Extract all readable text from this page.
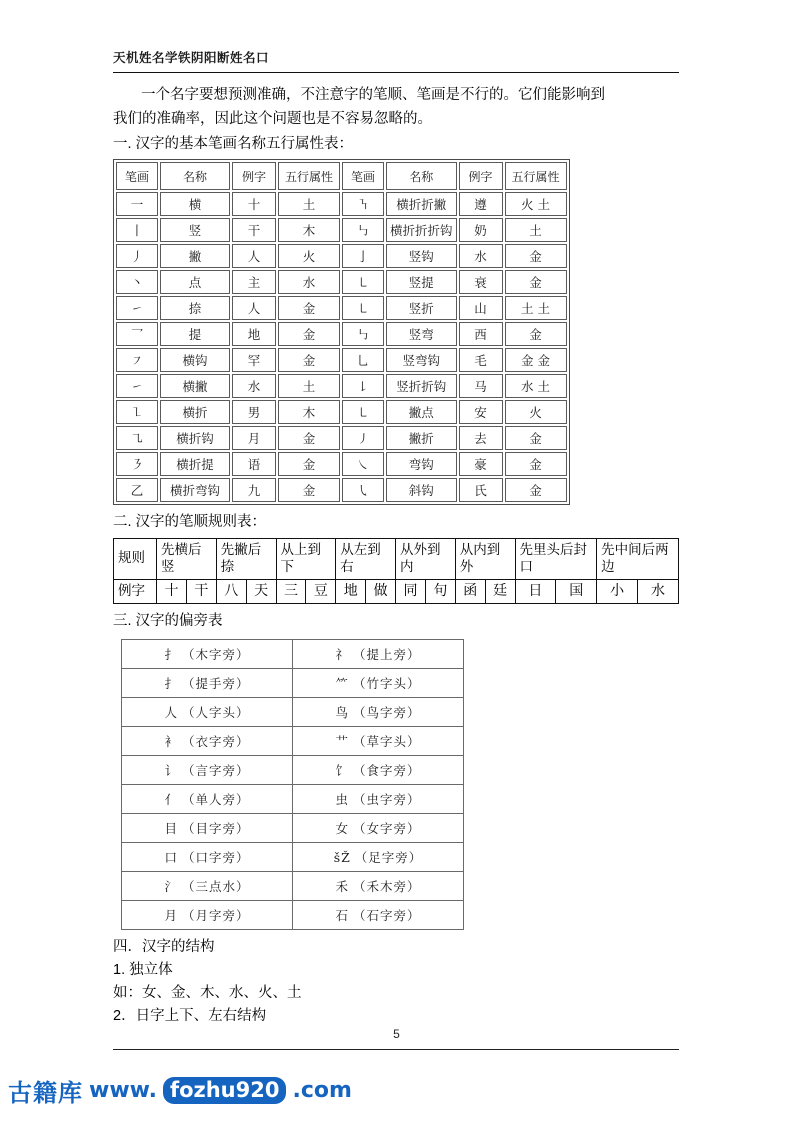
天机姓名学铁阴阳断姓名口

一个名字要想预测准确，不注意字的笔顺、笔画是不行的。它们能影响到

我们的准确率，因此这个问题也是不容易忽略的。

一. 汉字的基本笔画名称五行属性表：
笔画	名称	例字	五行属性	笔画	名称	例字	五行属性
一	横	十	土	㇎	横折折撇	遵	火 土
丨	竖	干	木	㇉	横折折折钩	奶	土
丿	撇	人	火	亅	竖钩	水	金
丶	点	主	水	㇄	竖提	衰	金
㇀	捺	人	金	㇄	竖折	山	土 土
乛	提	地	金	㇉	竖弯	西	金
㇇	横钩	罕	金	乚	竖弯钩	毛	金 金
㇀	横撇	水	土	㇙	竖折折钩	马	水 土
㇅	横折	男	木	㇄	撇点	安	火
㇈	横折钩	月	金	㇓	撇折	去	金
㇋	横折提	语	金	㇏	弯钩	豪	金
乙	横折弯钩	九	金	㇂	斜钩	氏	金
二. 汉字的笔顺规则表：
规则	先横后竖		先撇后捺		从上到下		从左到右		从外到内		从内到外		先里头后封口		先中间后两边	
例字	十	干	八	天	三	豆	地	做	同	句	函	廷	日	国	小	水
三. 汉字的偏旁表
扌 （木字旁）	礻 （提上旁）
扌 （提手旁）	⺮ （竹字头）
人 （人字头）	鸟 （鸟字旁）
衤 （衣字旁）	艹 （草字头）
讠 （言字旁）	饣 （食字旁）
亻 （单人旁）	虫 （虫字旁）
目 （目字旁）	女 （女字旁）
口 （口字旁）	šŽ （足字旁）
氵 （三点水）	禾 （禾木旁）
月 （月字旁）	石 （石字旁）
四．汉字的结构
1. 独立体
如：女、金、木、水、火、土
2．日字上下、左右结构
5
古籍库 www. fozhu920 .com
